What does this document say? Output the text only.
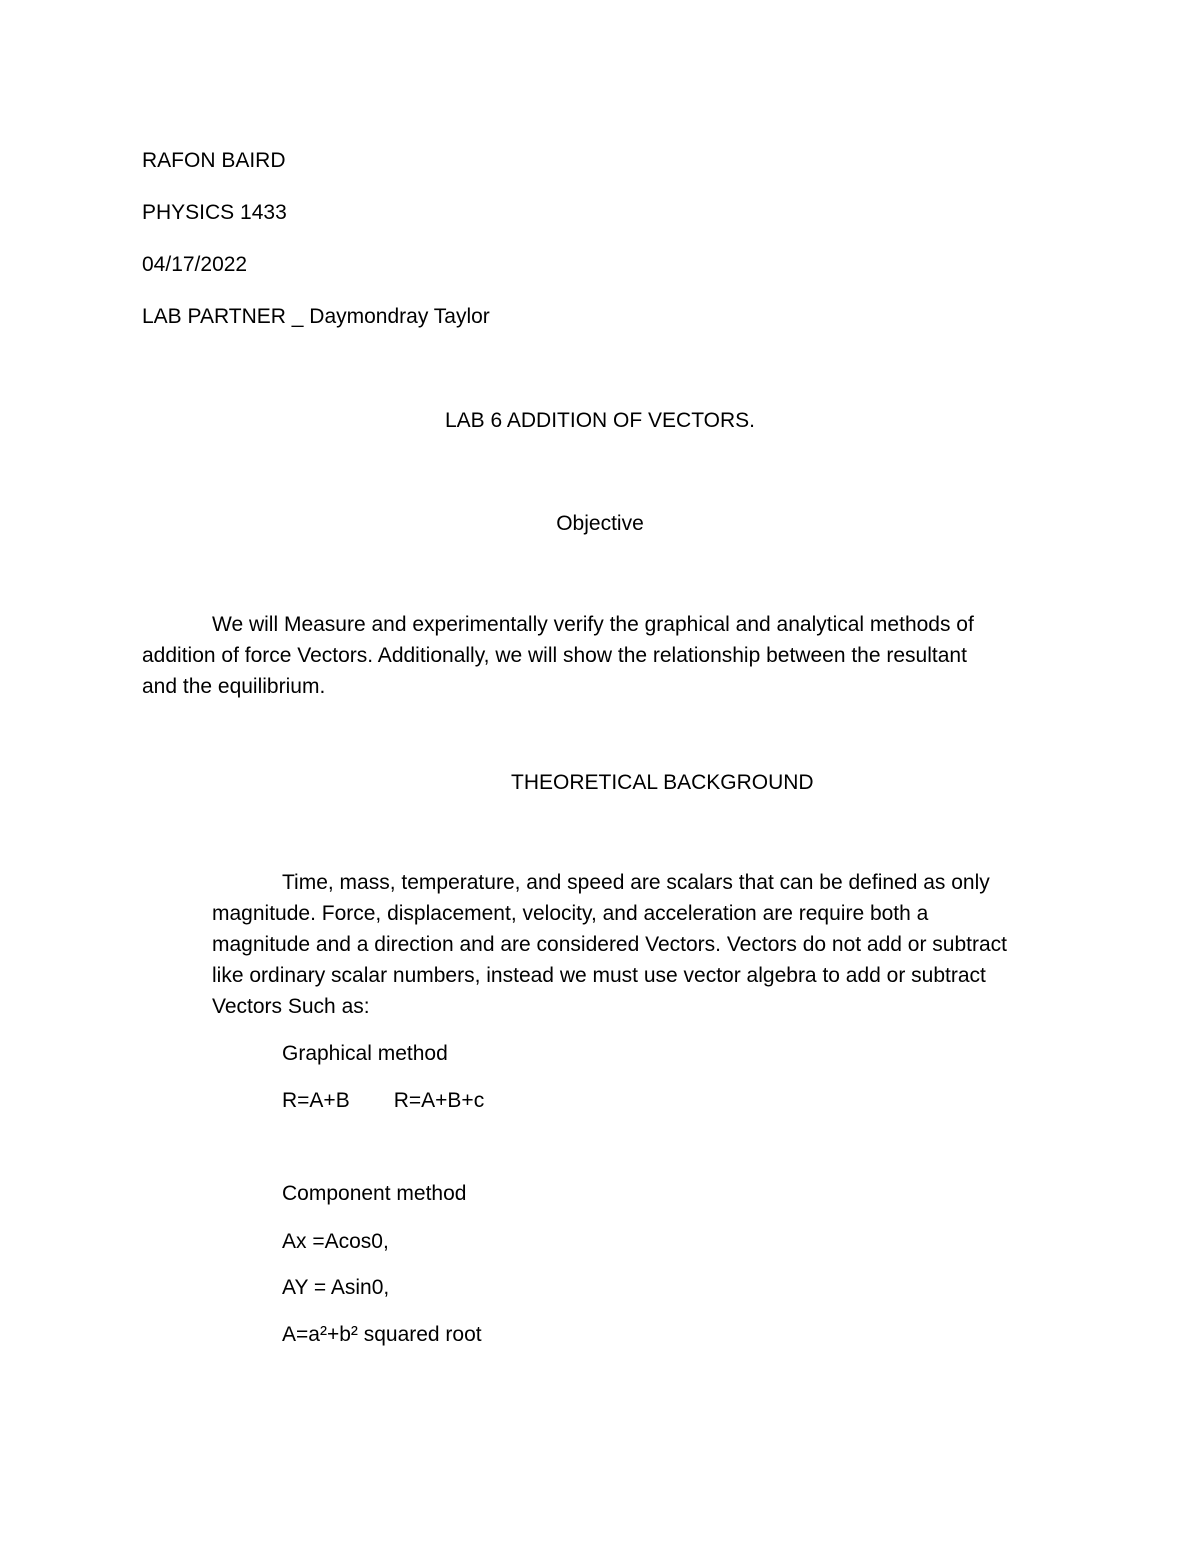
RAFON BAIRD
PHYSICS 1433
04/17/2022
LAB PARTNER _ Daymondray Taylor
LAB 6 ADDITION OF VECTORS.
Objective
We will Measure and experimentally verify the graphical and analytical methods of
addition of force Vectors. Additionally, we will show the relationship between the resultant
and the equilibrium.
THEORETICAL BACKGROUND
Time, mass, temperature, and speed are scalars that can be defined as only
magnitude. Force, displacement, velocity, and acceleration are require both a
magnitude and a direction and are considered Vectors. Vectors do not add or subtract
like ordinary scalar numbers, instead we must use vector algebra to add or subtract
Vectors Such as:
Graphical method
R=A+B R=A+B+c
Component method
Ax =Acos0,
AY = Asin0,
A=a²+b² squared root
